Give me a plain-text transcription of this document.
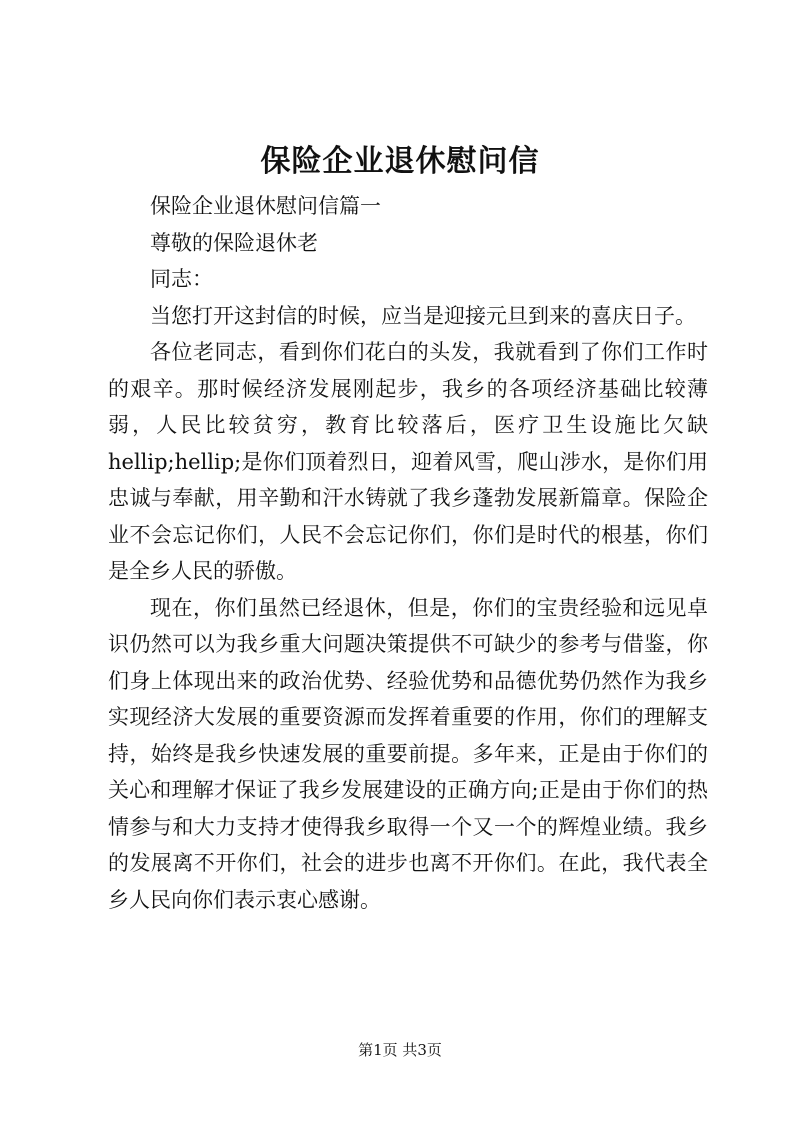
保险企业退休慰问信

保险企业退休慰问信篇一

尊敬的保险退休老

同志：

当您打开这封信的时候，应当是迎接元旦到来的喜庆日子。

各位老同志，看到你们花白的头发，我就看到了你们工作时的艰辛。那时候经济发展刚起步，我乡的各项经济基础比较薄弱，人民比较贫穷，教育比较落后，医疗卫生设施比欠缺hellip;hellip;是你们顶着烈日，迎着风雪，爬山涉水，是你们用忠诚与奉献，用辛勤和汗水铸就了我乡蓬勃发展新篇章。保险企业不会忘记你们，人民不会忘记你们，你们是时代的根基，你们是全乡人民的骄傲。

现在，你们虽然已经退休，但是，你们的宝贵经验和远见卓识仍然可以为我乡重大问题决策提供不可缺少的参考与借鉴，你们身上体现出来的政治优势、经验优势和品德优势仍然作为我乡实现经济大发展的重要资源而发挥着重要的作用，你们的理解支持，始终是我乡快速发展的重要前提。多年来，正是由于你们的关心和理解才保证了我乡发展建设的正确方向;正是由于你们的热情参与和大力支持才使得我乡取得一个又一个的辉煌业绩。我乡的发展离不开你们，社会的进步也离不开你们。在此，我代表全乡人民向你们表示衷心感谢。

第1页 共3页
